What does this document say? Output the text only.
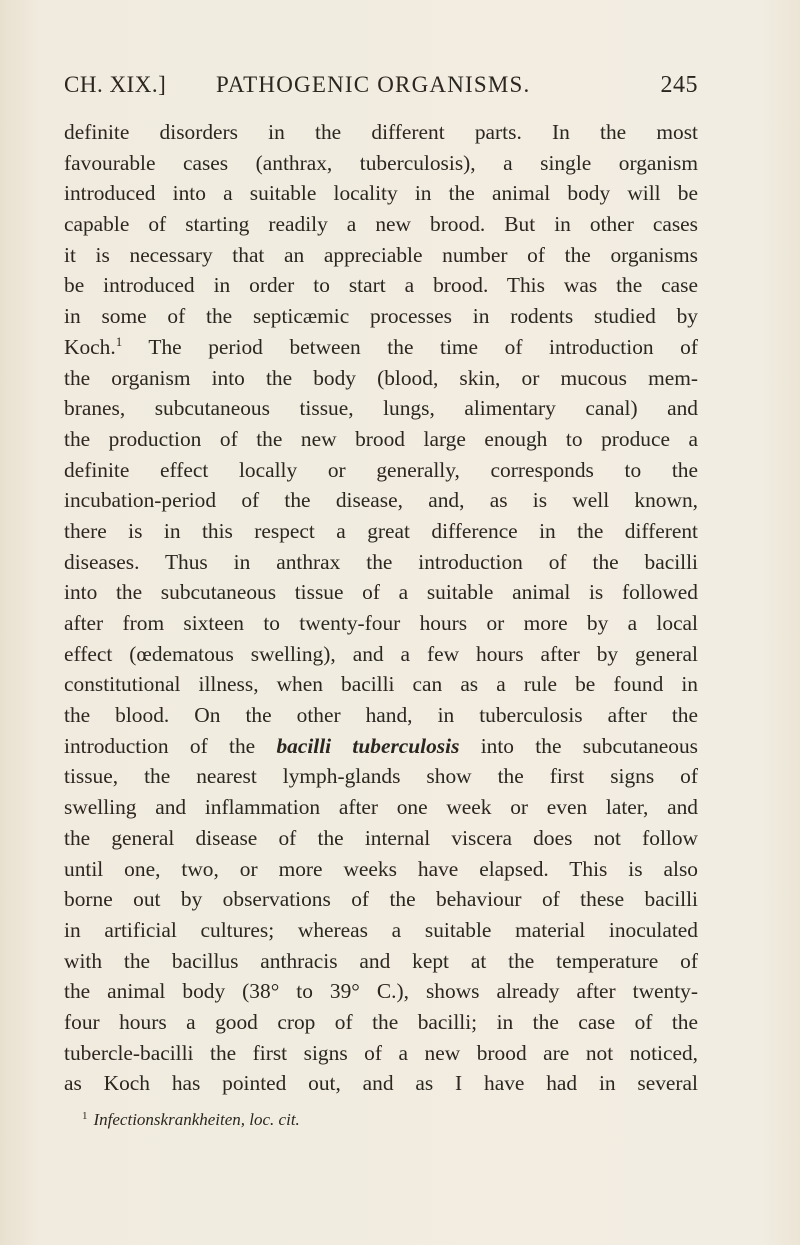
CH. XIX.] PATHOGENIC ORGANISMS.	245
definite disorders in the different parts. In the most
favourable cases (anthrax, tuberculosis), a single organism
introduced into a suitable locality in the animal body will be
capable of starting readily a new brood. But in other cases
it is necessary that an appreciable number of the organisms
be introduced in order to start a brood. This was the case
in some of the septicæmic processes in rodents studied by
Koch.$^1$ The period between the time of introduction of
the organism into the body (blood, skin, or mucous mem-
branes, subcutaneous tissue, lungs, alimentary canal) and
the production of the new brood large enough to produce a
definite effect locally or generally, corresponds to the
incubation-period of the disease, and, as is well known,
there is in this respect a great difference in the different
diseases. Thus in anthrax the introduction of the bacilli
into the subcutaneous tissue of a suitable animal is followed
after from sixteen to twenty-four hours or more by a local
effect (œdematous swelling), and a few hours after by general
constitutional illness, when bacilli can as a rule be found in
the blood. On the other hand, in tuberculosis after the
introduction of the bacilli tuberculosis into the subcutaneous
tissue, the nearest lymph-glands show the first signs of
swelling and inflammation after one week or even later, and
the general disease of the internal viscera does not follow
until one, two, or more weeks have elapsed. This is also
borne out by observations of the behaviour of these bacilli
in artificial cultures; whereas a suitable material inoculated
with the bacillus anthracis and kept at the temperature of
the animal body (38° to 39° C.), shows already after twenty-
four hours a good crop of the bacilli; in the case of the
tubercle-bacilli the first signs of a new brood are not noticed,
as Koch has pointed out, and as I have had in several
$^1$ Infectionskrankheiten, loc. cit.
